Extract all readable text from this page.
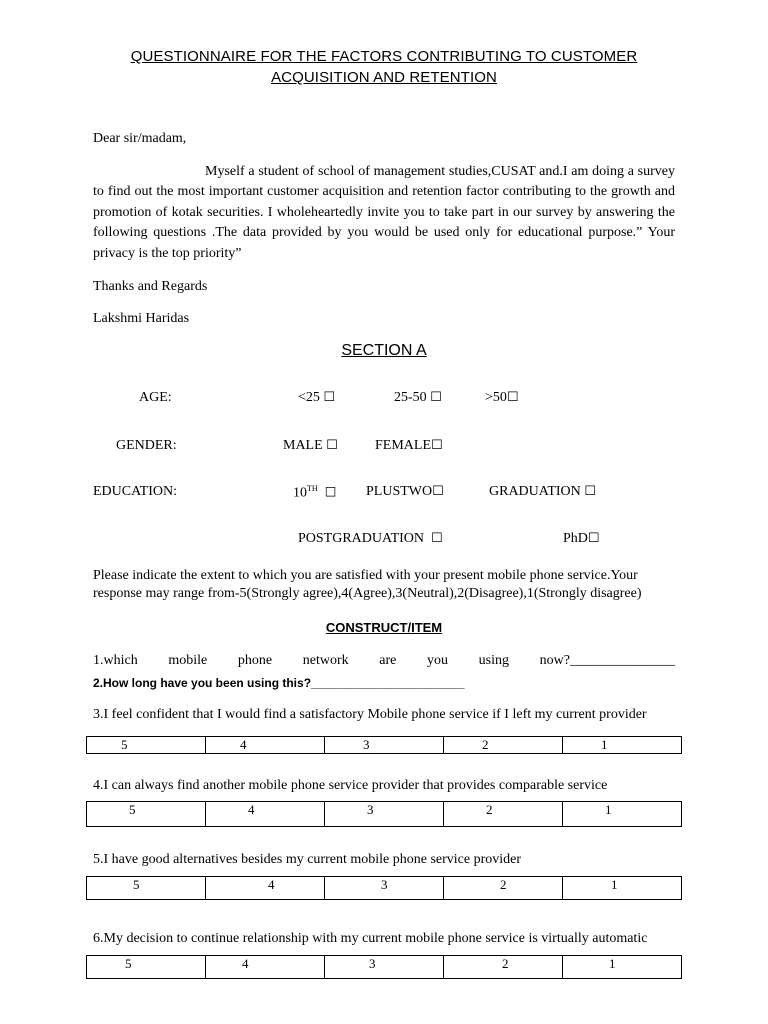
QUESTIONNAIRE FOR THE FACTORS CONTRIBUTING TO CUSTOMER
ACQUISITION AND RETENTION
Dear sir/madam,
Myself a student of school of management studies,CUSAT and.I am doing a survey to find out the most important customer acquisition and retention factor contributing to the growth and promotion of kotak securities. I wholeheartedly invite you to take part in our survey by answering the following questions .The data provided by you would be used only for educational purpose.” Your privacy is the top priority”
Thanks and Regards
Lakshmi Haridas
SECTION A
AGE:	<25 ☐	25-50 ☐	>50☐
GENDER:	MALE ☐	FEMALE☐
EDUCATION:	10TH ☐ PLUSTWO☐	GRADUATION ☐
POSTGRADUATION ☐	PhD☐
Please indicate the extent to which you are satisfied with your present mobile phone service.Your response may range from-5(Strongly agree),4(Agree),3(Neutral),2(Disagree),1(Strongly disagree)
CONSTRUCT/ITEM
1.which mobile phone network are you using now?_______________
2.How long have you been using this?_______________________
3.I feel confident that I would find a satisfactory Mobile phone service if I left my current provider
5	4	3	2	1
4.I can always find another mobile phone service provider that provides comparable service
5	4	3	2	1
5.I have good alternatives besides my current mobile phone service provider
5	4	3	2	1
6.My decision to continue relationship with my current mobile phone service is virtually automatic
5	4	3	2	1
